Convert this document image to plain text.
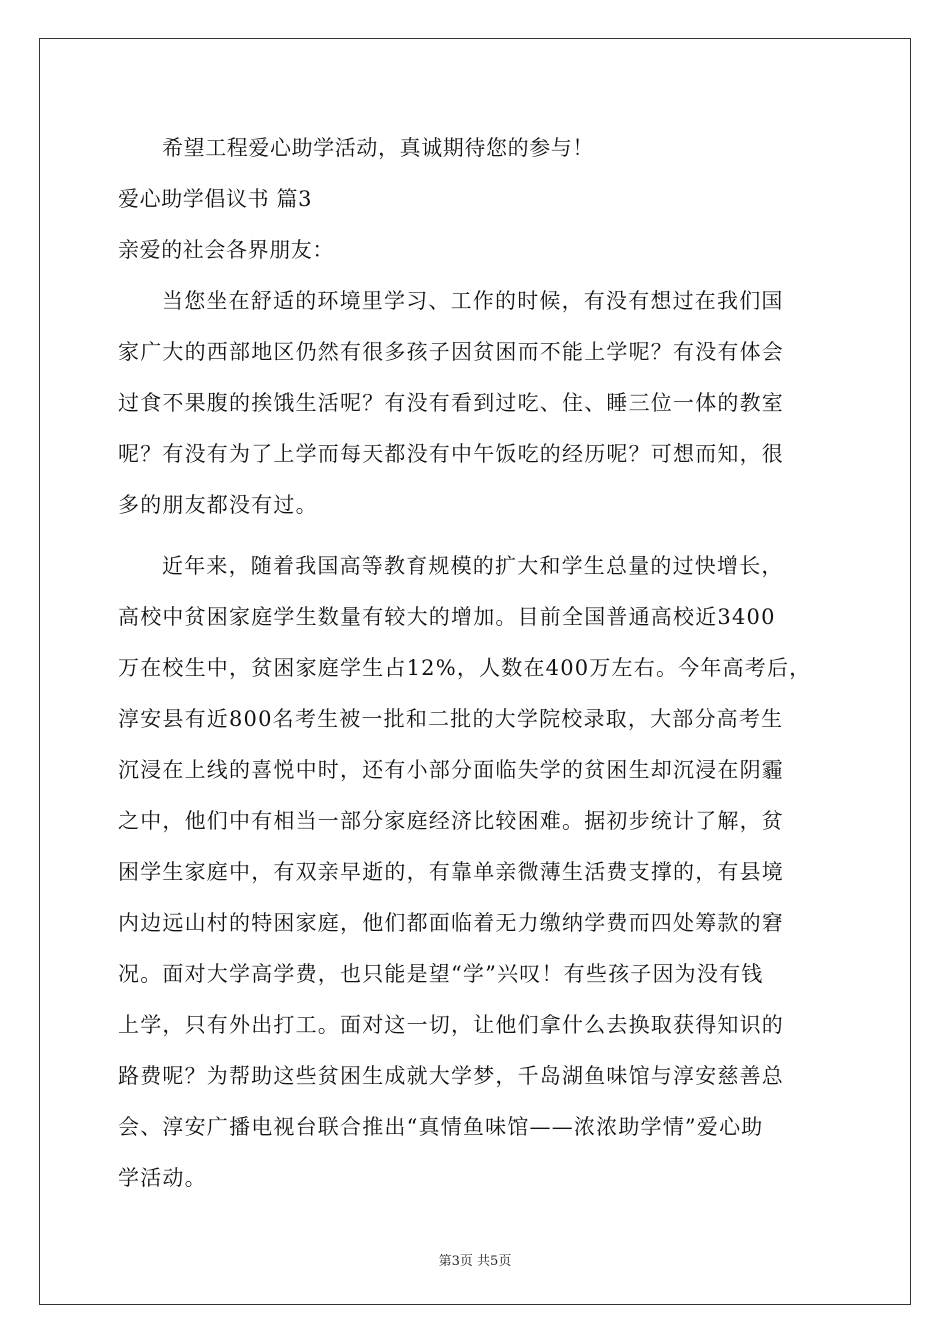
希望工程爱心助学活动，真诚期待您的参与！
爱心助学倡议书 篇3
亲爱的社会各界朋友：
当您坐在舒适的环境里学习、工作的时候，有没有想过在我们国
家广大的西部地区仍然有很多孩子因贫困而不能上学呢？有没有体会
过食不果腹的挨饿生活呢？有没有看到过吃、住、睡三位一体的教室
呢？有没有为了上学而每天都没有中午饭吃的经历呢？可想而知，很
多的朋友都没有过。
近年来，随着我国高等教育规模的扩大和学生总量的过快增长，
高校中贫困家庭学生数量有较大的增加。目前全国普通高校近3400
万在校生中，贫困家庭学生占12%，人数在400万左右。今年高考后，
淳安县有近800名考生被一批和二批的大学院校录取，大部分高考生
沉浸在上线的喜悦中时，还有小部分面临失学的贫困生却沉浸在阴霾
之中，他们中有相当一部分家庭经济比较困难。据初步统计了解，贫
困学生家庭中，有双亲早逝的，有靠单亲微薄生活费支撑的，有县境
内边远山村的特困家庭，他们都面临着无力缴纳学费而四处筹款的窘
况。面对大学高学费，也只能是望“学”兴叹！有些孩子因为没有钱
上学，只有外出打工。面对这一切，让他们拿什么去换取获得知识的
路费呢？为帮助这些贫困生成就大学梦，千岛湖鱼味馆与淳安慈善总
会、淳安广播电视台联合推出“真情鱼味馆——浓浓助学情”爱心助
学活动。
第3页 共5页
